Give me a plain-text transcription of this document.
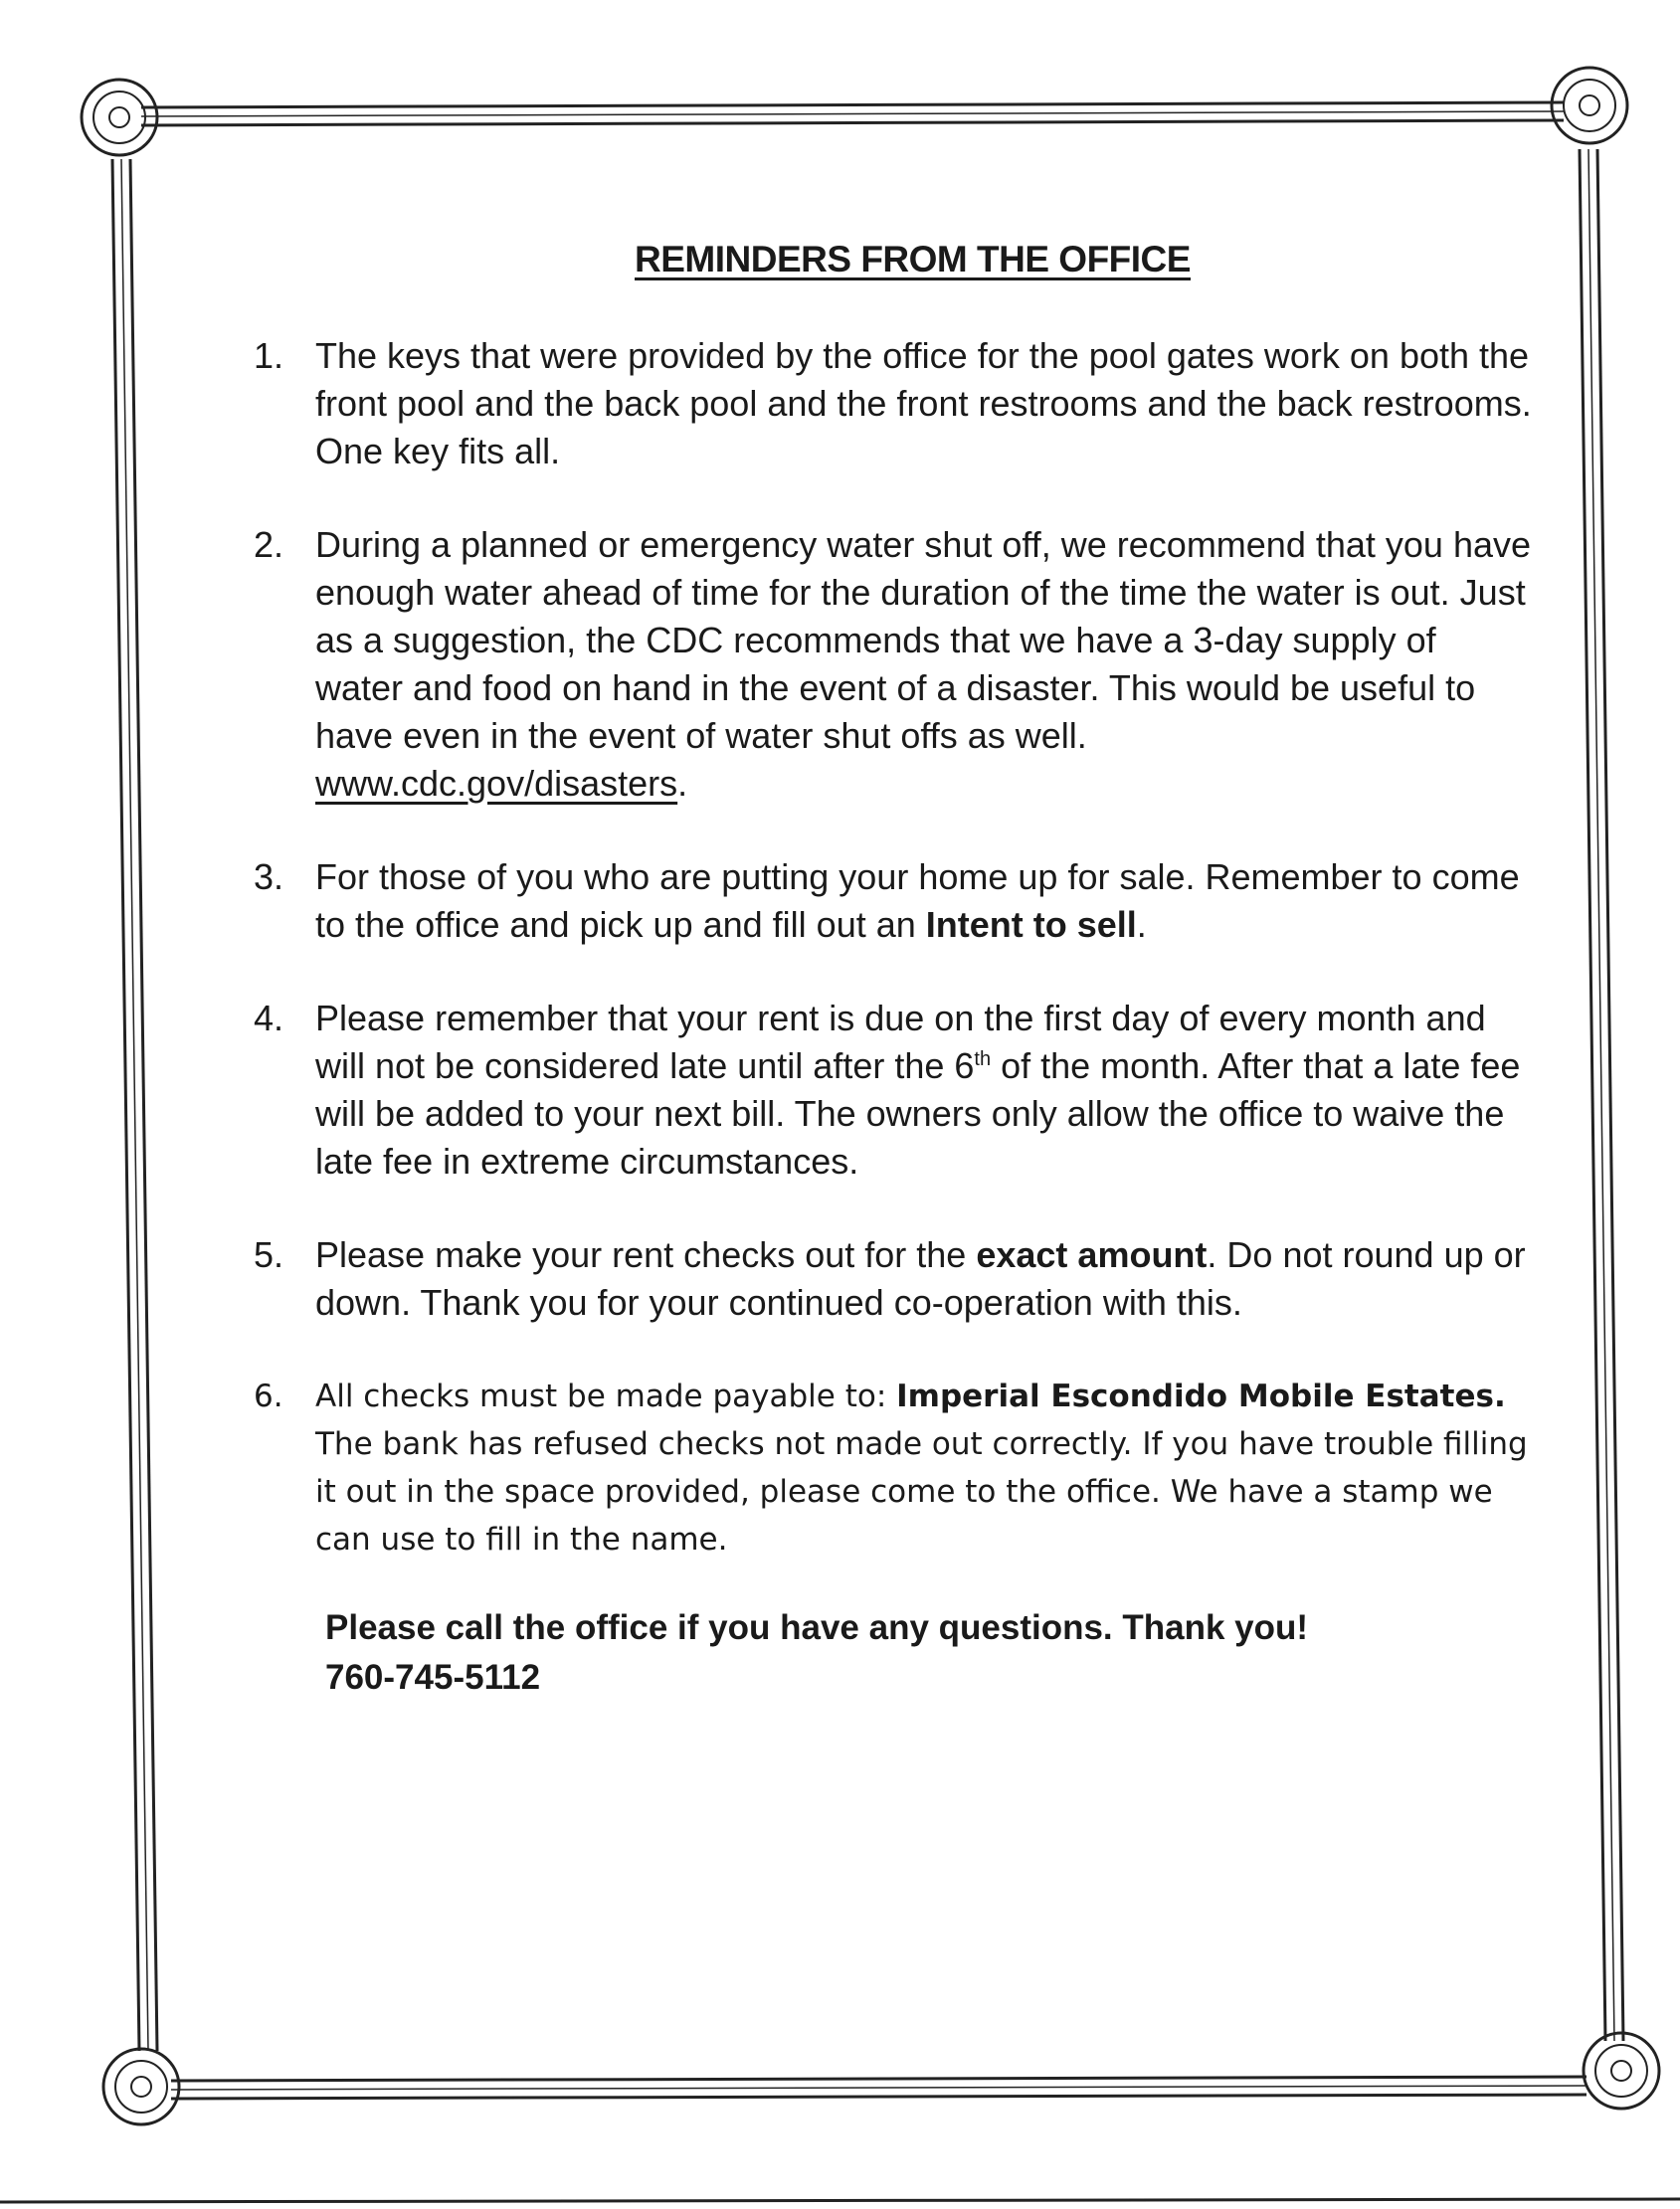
REMINDERS FROM THE OFFICE
1. The keys that were provided by the office for the pool gates work on both the front pool and the back pool and the front restrooms and the back restrooms. One key fits all.
2. During a planned or emergency water shut off, we recommend that you have enough water ahead of time for the duration of the time the water is out. Just as a suggestion, the CDC recommends that we have a 3-day supply of water and food on hand in the event of a disaster. This would be useful to have even in the event of water shut offs as well.
www.cdc.gov/disasters.
3. For those of you who are putting your home up for sale. Remember to come to the office and pick up and fill out an Intent to sell.
4. Please remember that your rent is due on the first day of every month and will not be considered late until after the 6th of the month. After that a late fee will be added to your next bill. The owners only allow the office to waive the late fee in extreme circumstances.
5. Please make your rent checks out for the exact amount. Do not round up or down. Thank you for your continued co-operation with this.
6. All checks must be made payable to: Imperial Escondido Mobile Estates. The bank has refused checks not made out correctly. If you have trouble filling it out in the space provided, please come to the office. We have a stamp we can use to fill in the name.
Please call the office if you have any questions. Thank you!
760-745-5112
